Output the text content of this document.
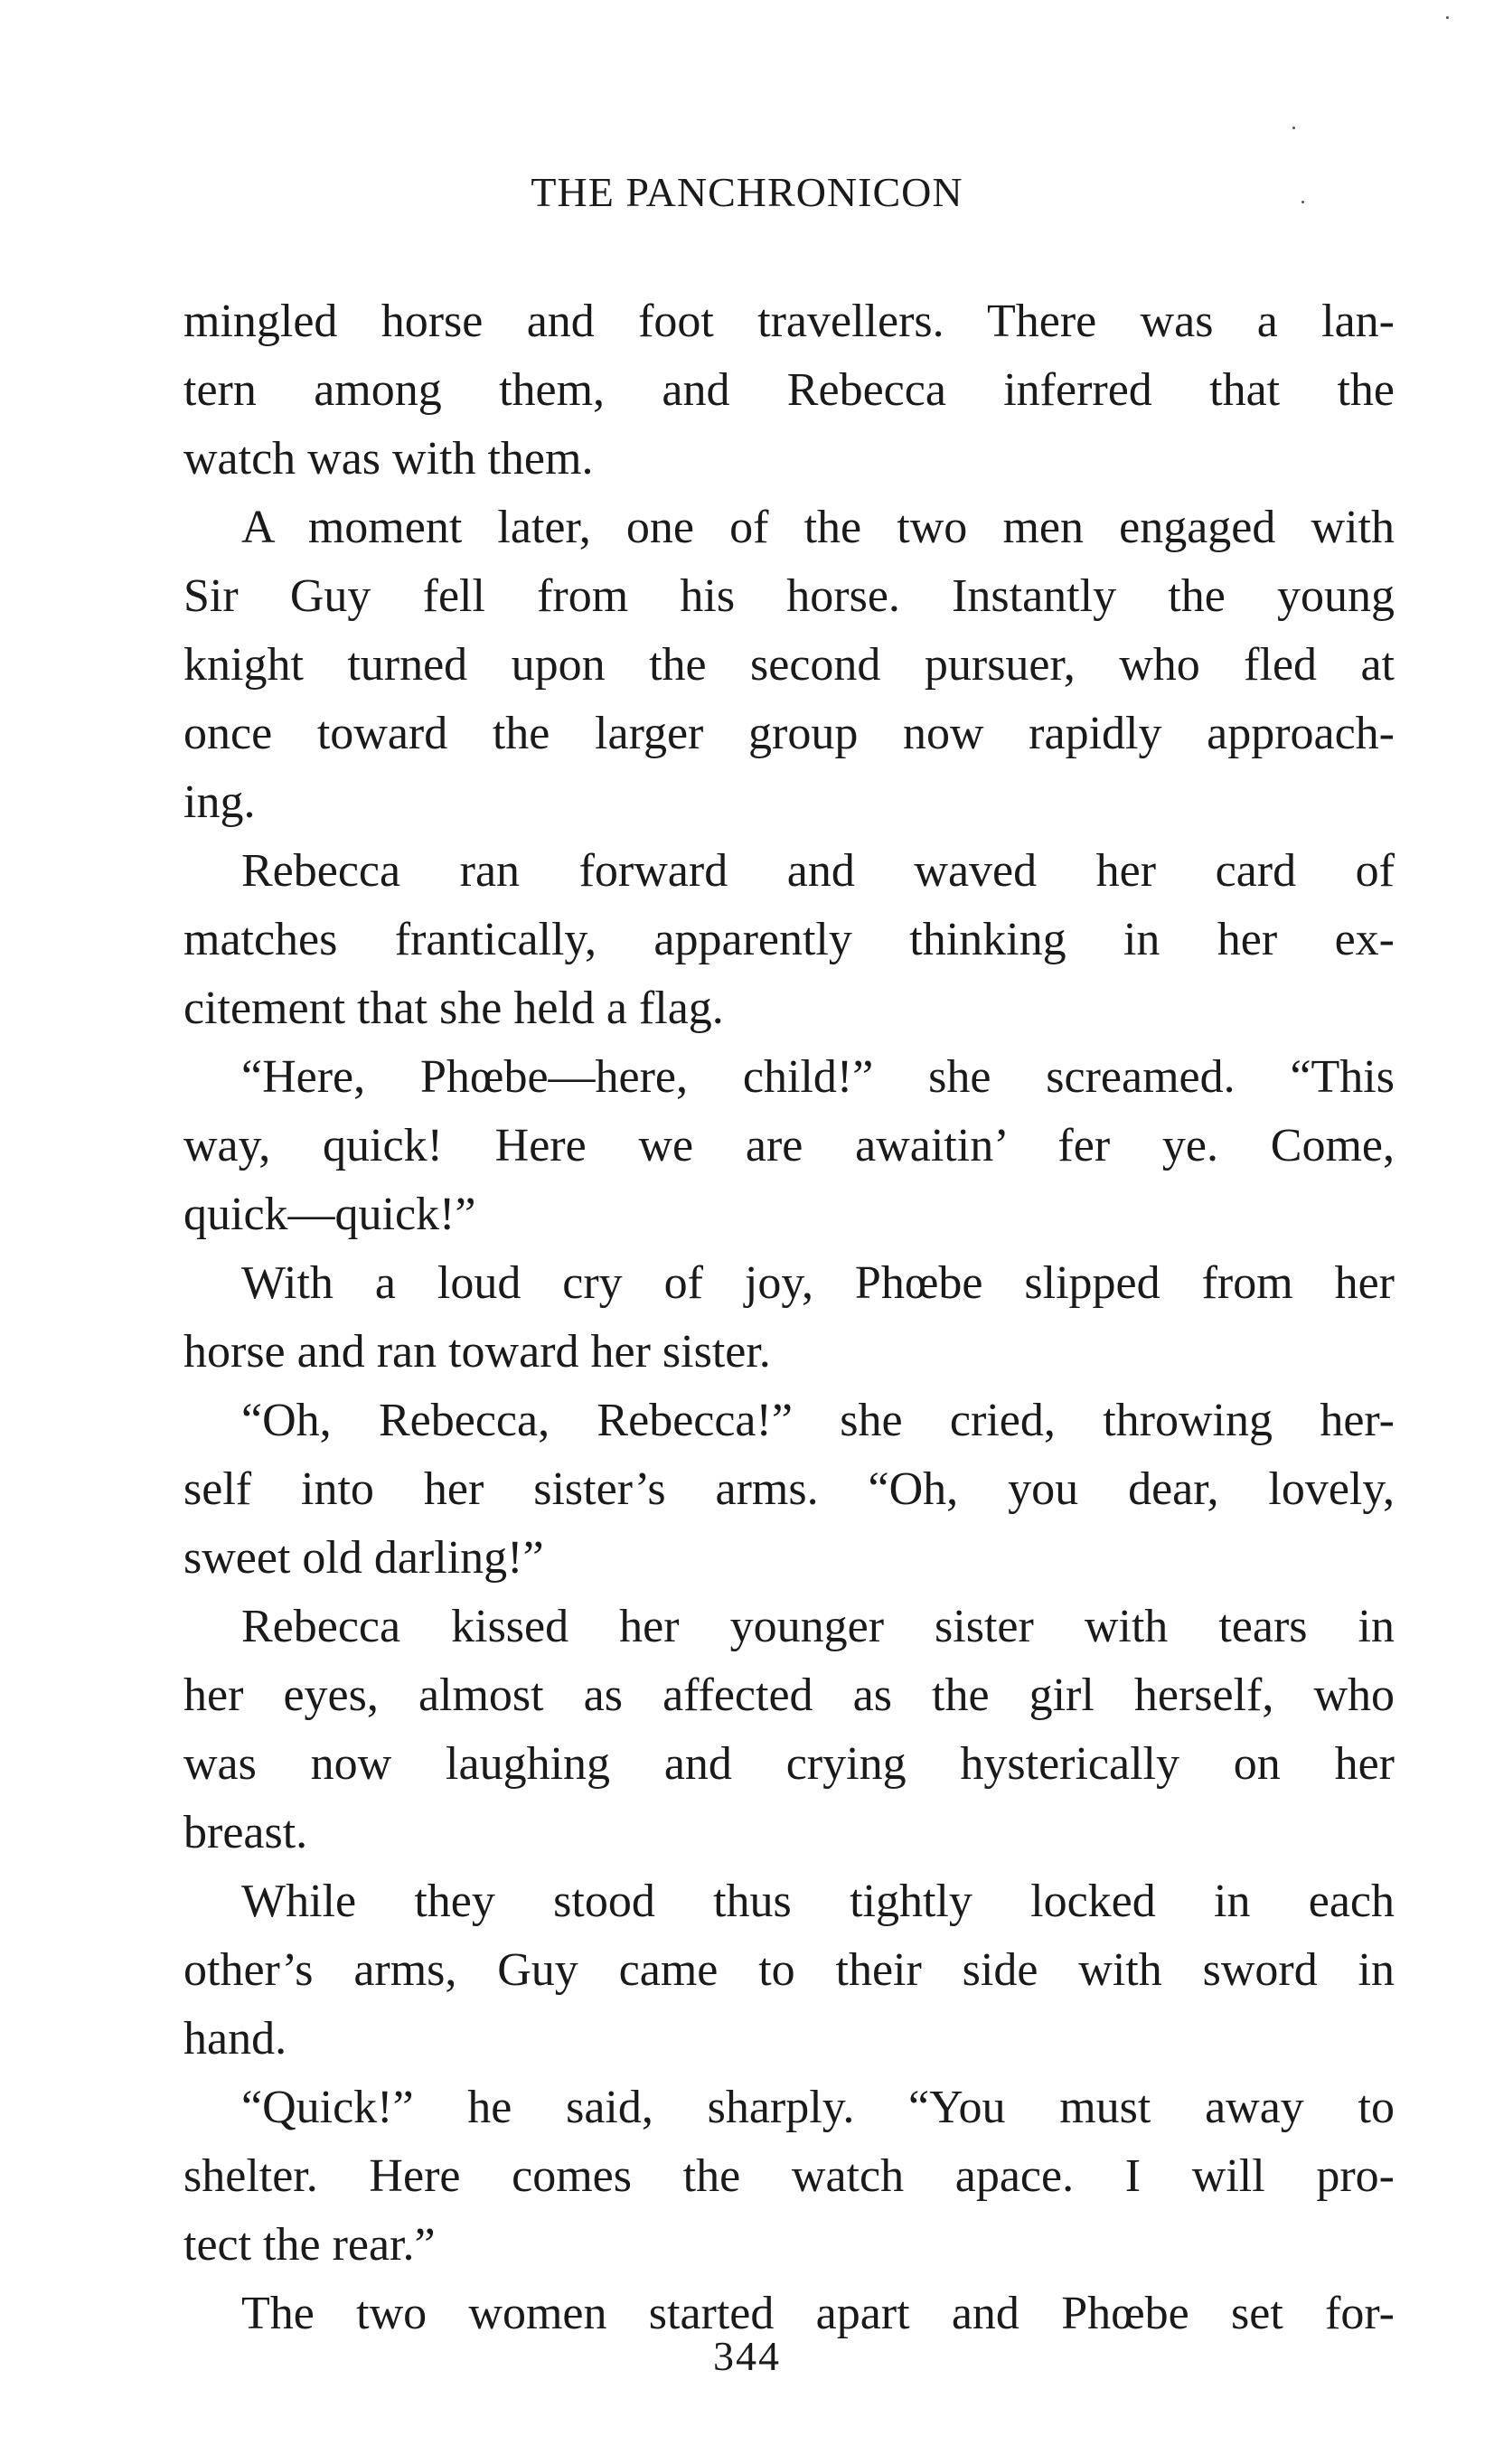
THE PANCHRONICON
mingled horse and foot travellers. There was a lan-
tern among them, and Rebecca inferred that the
watch was with them.
A moment later, one of the two men engaged with
Sir Guy fell from his horse. Instantly the young
knight turned upon the second pursuer, who fled at
once toward the larger group now rapidly approach-
ing.
Rebecca ran forward and waved her card of
matches frantically, apparently thinking in her ex-
citement that she held a flag.
“Here, Phœbe—here, child!” she screamed. “This
way, quick! Here we are awaitin’ fer ye. Come,
quick—quick!”
With a loud cry of joy, Phœbe slipped from her
horse and ran toward her sister.
“Oh, Rebecca, Rebecca!” she cried, throwing her-
self into her sister’s arms. “Oh, you dear, lovely,
sweet old darling!”
Rebecca kissed her younger sister with tears in
her eyes, almost as affected as the girl herself, who
was now laughing and crying hysterically on her
breast.
While they stood thus tightly locked in each
other’s arms, Guy came to their side with sword in
hand.
“Quick!” he said, sharply. “You must away to
shelter. Here comes the watch apace. I will pro-
tect the rear.”
The two women started apart and Phœbe set for-
344
